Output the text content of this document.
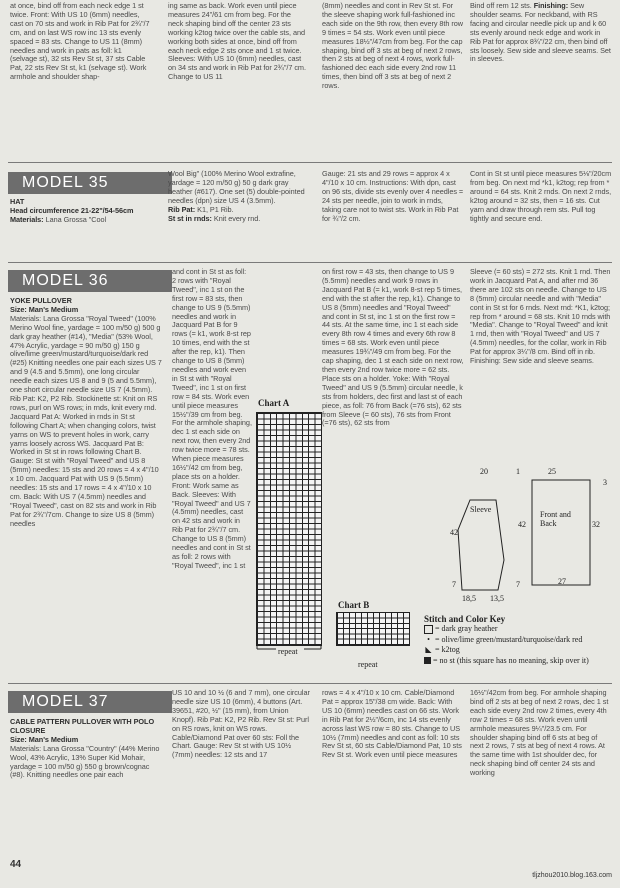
at once, bind off from each neck edge 1 st twice. Front: With US 10 (6mm) needles, cast on 70 sts and work in Rib Pat for 2¾"/7 cm, and on last WS row inc 13 sts evenly spaced = 83 sts. Change to US 11 (8mm) needles and work in pats as foll: k1 (selvage st), 32 sts Rev St st, 37 sts Cable Pat, 22 sts Rev St st, k1 (selvage st). Work armhole and shoulder shap-

ing same as back. Work even until piece measures 24"/61 cm from beg. For the neck shaping bind off the center 23 sts working k2tog twice over the cable sts, and working both sides at once, bind off from each neck edge 2 sts once and 1 st twice. Sleeves: With US 10 (6mm) needles, cast on 34 sts and work in Rib Pat for 2¾"/7 cm. Change to US 11

(8mm) needles and cont in Rev St st. For the sleeve shaping work full-fashioned inc each side on the 9th row, then every 8th row 9 times = 54 sts. Work even until piece measures 18½"/47cm from beg. For the cap shaping, bind off 3 sts at beg of next 2 rows, then 2 sts at beg of next 4 rows, work full-fashioned dec each side every 2nd row 11 times, then bind off 3 sts at beg of next 2 rows.

Bind off rem 12 sts. Finishing: Sew shoulder seams. For neckband, with RS facing and circular needle pick up and k 60 sts evenly around neck edge and work in Rib Pat for approx 8¾"/22 cm, then bind off sts loosely. Sew side and sleeve seams. Set in sleeves.

MODEL 35

HAT

Head circumference 21-22"/54-56cm

Materials: Lana Grossa "Cool

Wool Big" (100% Merino Wool extrafine, yardage = 120 m/50 g) 50 g dark gray heather (#617). One set (5) double-pointed needles (dpn) size US 4 (3.5mm).

Rib Pat: K1, P1 Rib.

St st in rnds: Knit every rnd.

Gauge: 21 sts and 29 rows = approx 4 x 4"/10 x 10 cm. Instructions: With dpn, cast on 96 sts, divide sts evenly over 4 needles = 24 sts per needle, join to work in rnds, taking care not to twist sts. Work in Rib Pat for ¾"/2 cm.

Cont in St st until piece measures 5⅛"/20cm from beg. On next rnd *k1, k2tog; rep from * around = 64 sts. Knit 2 rnds. On next 2 rnds, k2tog around = 32 sts, then = 16 sts. Cut yarn and draw through rem sts. Pull tog tightly and secure end.

MODEL 36

YOKE PULLOVER

Size: Man's Medium

Materials: Lana Grossa "Royal Tweed" (100% Merino Wool fine, yardage = 100 m/50 g) 500 g dark gray heather (#14), "Media" (53% Wool, 47% Acrylic, yardage = 90 m/50 g) 150 g olive/lime green/mustard/turquoise/dark red (#25) Knitting needles one pair each sizes US 7 and 9 (4.5 and 5.5mm), one long circular needle each sizes US 8 and 9 (5 and 5.5mm), one short circular needle size US 7 (4.5mm). Rib Pat: K2, P2 Rib. Stockinette st: Knit on RS rows, purl on WS rows; in rnds, knit every rnd. Jacquard Pat A: Worked in rnds in St st following Chart A; when changing colors, twist yarns on WS to prevent holes in work, carry yarns loosely across WS. Jacquard Pat B: Worked in St st in rows following Chart B. Gauge: St st with "Royal Tweed" and US 8 (5mm) needles: 15 sts and 20 rows = 4 x 4"/10 x 10 cm. Jacquard Pat with US 9 (5.5mm) needles: 15 sts and 17 rows = 4 x 4"/10 x 10 cm. Back: With US 7 (4.5mm) needles and "Royal Tweed", cast on 82 sts and work in Rib Pat for 2¾"/7cm. Change to size US 8 (5mm) needles

and cont in St st as foll: 2 rows with "Royal Tweed", inc 1 st on the first row = 83 sts, then change to US 9 (5.5mm) needles and work in Jacquard Pat B for 9 rows (= k1, work 8-st rep 10 times, end with the st after the rep, k1). Then change to US 8 (5mm) needles and work even in St st with "Royal Tweed", inc 1 st on first row = 84 sts. Work even until piece measures 15½"/39 cm from beg. For the armhole shaping, dec 1 st each side on next row, then every 2nd row twice more = 78 sts. When piece measures 16½"/42 cm from beg, place sts on a holder. Front: Work same as Back. Sleeves: With "Royal Tweed" and US 7 (4.5mm) needles, cast on 42 sts and work in Rib Pat for 2¾"/7 cm. Change to US 8 (5mm) needles and cont in St st as foll: 2 rows with "Royal Tweed", inc 1 st

on first row = 43 sts, then change to US 9 (5.5mm) needles and work 9 rows in Jacquard Pat B (= k1, work 8-st rep 5 times, end with the st after the rep, k1). Change to US 8 (5mm) needles and "Royal Tweed" and cont in St st, inc 1 st on the first row = 44 sts. At the same time, inc 1 st each side every 8th row 4 times and every 6th row 8 times = 68 sts. Work even until piece measures 19¾"/49 cm from beg. For the cap shaping, dec 1 st each side on next row, then every 2nd row twice more = 62 sts. Place sts on a holder. Yoke: With "Royal Tweed" and US 9 (5.5mm) circular needle, k sts from holders, dec first and last st of each piece, as foll: 76 from Back (=76 sts), 62 sts from Sleeve (= 60 sts), 76 sts from Front (=76 sts), 62 sts from

Sleeve (= 60 sts) = 272 sts. Knit 1 rnd. Then work in Jacquard Pat A, and after rnd 36 there are 102 sts on needle. Change to US 8 (5mm) circular needle and with "Media" cont in St st for 6 rnds. Next rnd: *K1, k2tog; rep from * around = 68 sts. Knit 10 rnds with "Media". Change to "Royal Tweed" and knit 1 rnd, then with "Royal Tweed" and US 7 (4.5mm) needles, for the collar, work in Rib Pat for approx 3¼"/8 cm. Bind off in rib. Finishing: Sew side and sleeve seams.

Chart A
repeat
Chart B
repeat

Stitch and Color Key

= dark gray heather

• = olive/lime green/mustard/turquoise/dark red

◣ = k2tog

= no st (this square has no meaning, skip over it)

Sleeve
Front and Back
20	1	25
3
42
42	32
7	7	27
18,5 13,5
MODEL 37

CABLE PATTERN PULLOVER WITH POLO CLOSURE

Size: Man's Medium

Materials: Lana Grossa "Country" (44% Merino Wool, 43% Acrylic, 13% Super Kid Mohair, yardage = 100 m/50 g) 550 g brown/cognac (#8). Knitting needles one pair each

US 10 and 10 ½ (6 and 7 mm), one circular needle size US 10 (6mm), 4 buttons (Art. 39651, #20, ½" (15 mm), from Union Knopf). Rib Pat: K2, P2 Rib. Rev St st: Purl on RS rows, knit on WS rows. Cable/Diamond Pat over 60 sts: Foll the Chart. Gauge: Rev St st with US 10½ (7mm) needles: 12 sts and 17

rows = 4 x 4"/10 x 10 cm. Cable/Diamond Pat = approx 15"/38 cm wide. Back: With US 10 (6mm) needles cast on 66 sts. Work in Rib Pat for 2½"/6cm, inc 14 sts evenly across last WS row = 80 sts. Change to US 10½ (7mm) needles and cont as foll: 10 sts Rev St st, 60 sts Cable/Diamond Pat, 10 sts Rev St st. Work even until piece measures

16½"/42cm from beg. For armhole shaping bind off 2 sts at beg of next 2 rows, dec 1 st each side every 2nd row 2 times, every 4th row 2 times = 68 sts. Work even until armhole measures 9¼"/23.5 cm. For shoulder shaping bind off 6 sts at beg of next 2 rows, 7 sts at beg of next 4 rows. At the same time with 1st shoulder dec, for neck shaping bind off center 24 sts and working

44
tljzhou2010.blog.163.com
